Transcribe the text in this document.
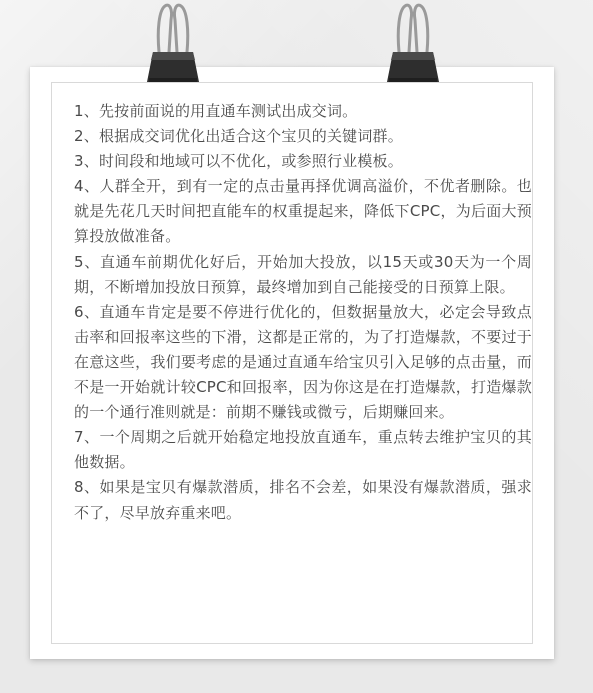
1、先按前面说的用直通车测试出成交词。
2、根据成交词优化出适合这个宝贝的关键词群。
3、时间段和地域可以不优化，或参照行业模板。
4、人群全开，到有一定的点击量再择优调高溢价，不优者删除。也就是先花几天时间把直能车的权重提起来，降低下CPC，为后面大预算投放做准备。
5、直通车前期优化好后，开始加大投放，以15天或30天为一个周期，不断增加投放日预算，最终增加到自己能接受的日预算上限。
6、直通车肯定是要不停进行优化的，但数据量放大，必定会导致点击率和回报率这些的下滑，这都是正常的，为了打造爆款，不要过于在意这些，我们要考虑的是通过直通车给宝贝引入足够的点击量，而不是一开始就计较CPC和回报率，因为你这是在打造爆款，打造爆款的一个通行准则就是：前期不赚钱或微亏，后期赚回来。
7、一个周期之后就开始稳定地投放直通车，重点转去维护宝贝的其他数据。
8、如果是宝贝有爆款潜质，排名不会差，如果没有爆款潜质，强求不了，尽早放弃重来吧。
